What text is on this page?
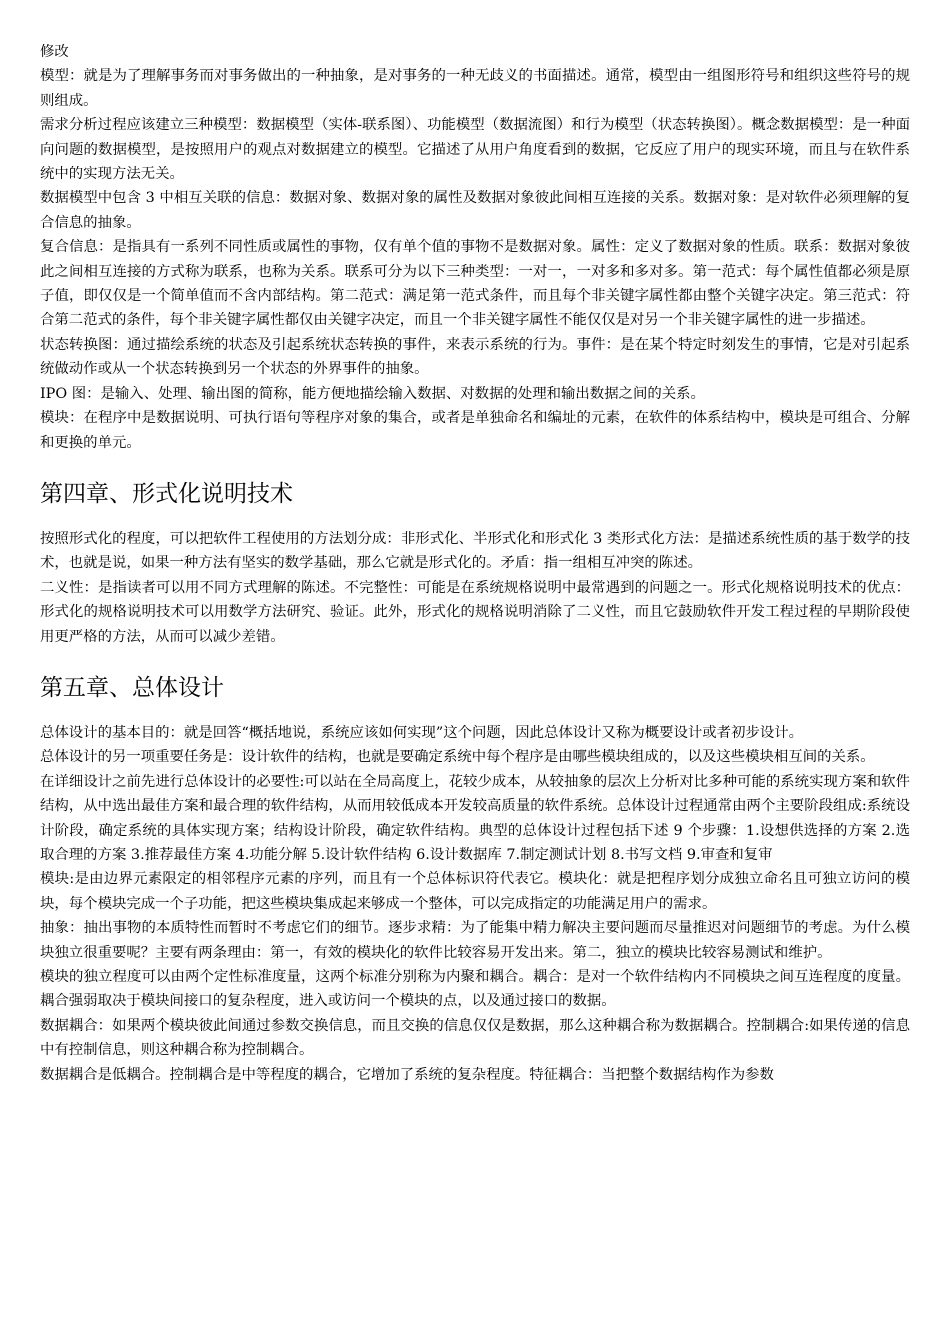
修改

模型：就是为了理解事务而对事务做出的一种抽象，是对事务的一种无歧义的书面描述。通常，模型由一组图形符号和组织这些符号的规则组成。

需求分析过程应该建立三种模型：数据模型（实体-联系图）、功能模型（数据流图）和行为模型（状态转换图）。概念数据模型：是一种面向问题的数据模型，是按照用户的观点对数据建立的模型。它描述了从用户角度看到的数据，它反应了用户的现实环境，而且与在软件系统中的实现方法无关。

数据模型中包含 3 中相互关联的信息：数据对象、数据对象的属性及数据对象彼此间相互连接的关系。数据对象：是对软件必须理解的复合信息的抽象。

复合信息：是指具有一系列不同性质或属性的事物，仅有单个值的事物不是数据对象。属性：定义了数据对象的性质。联系：数据对象彼此之间相互连接的方式称为联系，也称为关系。联系可分为以下三种类型：一对一，一对多和多对多。第一范式：每个属性值都必须是原子值，即仅仅是一个简单值而不含内部结构。第二范式：满足第一范式条件，而且每个非关键字属性都由整个关键字决定。第三范式：符合第二范式的条件，每个非关键字属性都仅由关键字决定，而且一个非关键字属性不能仅仅是对另一个非关键字属性的进一步描述。

状态转换图：通过描绘系统的状态及引起系统状态转换的事件，来表示系统的行为。事件：是在某个特定时刻发生的事情，它是对引起系统做动作或从一个状态转换到另一个状态的外界事件的抽象。

IPO 图：是输入、处理、输出图的简称，能方便地描绘输入数据、对数据的处理和输出数据之间的关系。

模块：在程序中是数据说明、可执行语句等程序对象的集合，或者是单独命名和编址的元素，在软件的体系结构中，模块是可组合、分解和更换的单元。

第四章、形式化说明技术

按照形式化的程度，可以把软件工程使用的方法划分成：非形式化、半形式化和形式化 3 类形式化方法：是描述系统性质的基于数学的技术，也就是说，如果一种方法有坚实的数学基础，那么它就是形式化的。矛盾：指一组相互冲突的陈述。

二义性：是指读者可以用不同方式理解的陈述。不完整性：可能是在系统规格说明中最常遇到的问题之一。形式化规格说明技术的优点：形式化的规格说明技术可以用数学方法研究、验证。此外，形式化的规格说明消除了二义性，而且它鼓励软件开发工程过程的早期阶段使用更严格的方法，从而可以减少差错。

第五章、总体设计

总体设计的基本目的：就是回答“概括地说，系统应该如何实现”这个问题，因此总体设计又称为概要设计或者初步设计。

总体设计的另一项重要任务是：设计软件的结构，也就是要确定系统中每个程序是由哪些模块组成的，以及这些模块相互间的关系。

在详细设计之前先进行总体设计的必要性:可以站在全局高度上，花较少成本，从较抽象的层次上分析对比多种可能的系统实现方案和软件结构，从中选出最佳方案和最合理的软件结构，从而用较低成本开发较高质量的软件系统。总体设计过程通常由两个主要阶段组成:系统设计阶段，确定系统的具体实现方案；结构设计阶段，确定软件结构。典型的总体设计过程包括下述 9 个步骤：1.设想供选择的方案 2.选取合理的方案 3.推荐最佳方案 4.功能分解 5.设计软件结构 6.设计数据库 7.制定测试计划 8.书写文档 9.审查和复审

模块:是由边界元素限定的相邻程序元素的序列，而且有一个总体标识符代表它。模块化：就是把程序划分成独立命名且可独立访问的模块，每个模块完成一个子功能，把这些模块集成起来够成一个整体，可以完成指定的功能满足用户的需求。

抽象：抽出事物的本质特性而暂时不考虑它们的细节。逐步求精：为了能集中精力解决主要问题而尽量推迟对问题细节的考虑。为什么模块独立很重要呢？主要有两条理由：第一，有效的模块化的软件比较容易开发出来。第二，独立的模块比较容易测试和维护。

模块的独立程度可以由两个定性标准度量，这两个标准分别称为内聚和耦合。耦合：是对一个软件结构内不同模块之间互连程度的度量。耦合强弱取决于模块间接口的复杂程度，进入或访问一个模块的点，以及通过接口的数据。

数据耦合：如果两个模块彼此间通过参数交换信息，而且交换的信息仅仅是数据，那么这种耦合称为数据耦合。控制耦合:如果传递的信息中有控制信息，则这种耦合称为控制耦合。

数据耦合是低耦合。控制耦合是中等程度的耦合，它增加了系统的复杂程度。特征耦合：当把整个数据结构作为参数
